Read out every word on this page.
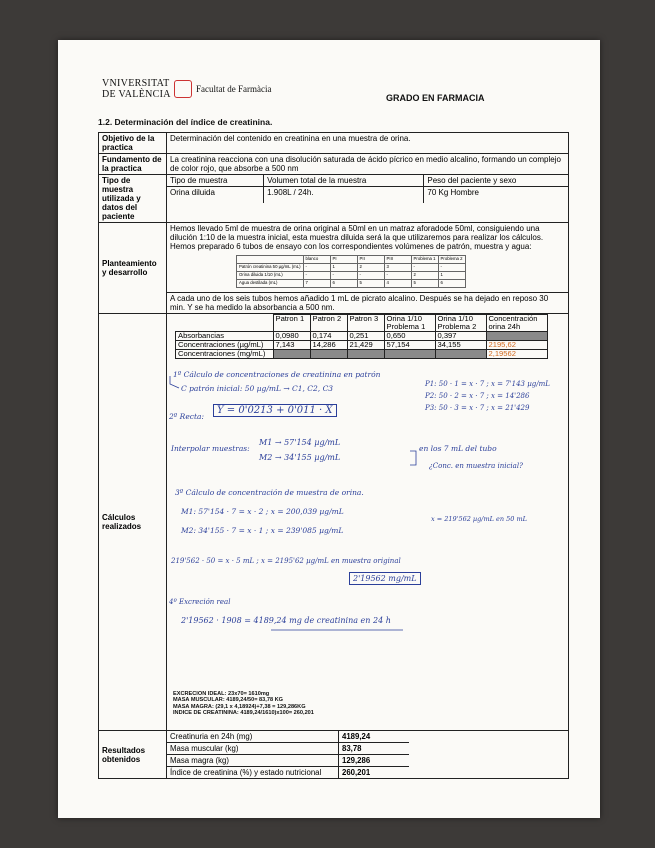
VNIVERSITAT
DE VALÈNCIA	Facultat de Farmàcia
GRADO EN FARMACIA
1.2. Determinación del índice de creatinina.
Objetivo de la practica	Determinación del contenido en creatinina en una muestra de orina.
Fundamento de la practica	La creatinina reacciona con una disolución saturada de ácido pícrico en medio alcalino, formando un complejo de color rojo, que absorbe a 500 nm
Tipo de muestra utilizada y datos del paciente	
Tipo de muestra	Volumen total de la muestra	Peso del paciente y sexo
Orina diluida	1.908L / 24h.	70 Kg Hombre

Planteamiento y desarrollo	
Hemos llevado 5ml de muestra de orina original a 50ml en un matraz aforadode 50ml, consiguiendo una dilución 1:10 de la muestra inicial, esta muestra diluida será la que utilizaremos para realizar los cálculos.
Hemos preparado 6 tubos de ensayo con los correspondientes volúmenes de patrón, muestra y agua:
	blanco	PI	PII	PIII	Problema 1	Problema 2
Patrón creatinina 50 µg/mL (mL)	-	1	2	3	-	-
Orina diluida 1/10 (mL)	-	-	-	-	2	1
Agua destilada (mL)	7	6	5	4	5	6
A cada uno de los seis tubos hemos añadido 1 mL de picrato alcalino. Después se ha dejado en reposo 30 min. Y se ha medido la absorbancia a 500 nm.

Cálculos realizados	
	Patron 1	Patron 2	Patron 3	Orina 1/10 Problema 1	Orina 1/10 Problema 2	Concentración orina 24h
Absorbancias	0,0980	0,174	0,251	0,650	0,397	
Concentraciones (µg/mL)	7,143	14,286	21,429	57,154	34,155	2195,62
Concentraciones (mg/mL)						2,19562
1º Cálculo de concentraciones de creatinina en patrón
C patrón inicial: 50 µg/mL → C1, C2, C3	P1: 50 · 1 = x · 7 ; x = 7'143 µg/mL
P2: 50 · 2 = x · 7 ; x = 14'286
P3: 50 · 3 = x · 7 ; x = 21'429
2º Recta:
Y = 0'0213 + 0'011 · X
Interpolar muestras:
M1 → 57'154 µg/mL
M2 → 34'155 µg/mL
en los 7 mL del tubo
¿Conc. en muestra inicial?
3º Cálculo de concentración de muestra de orina.
M1: 57'154 · 7 = x · 2 ; x = 200,039 µg/mL
M2: 34'155 · 7 = x · 1 ; x = 239'085 µg/mL
x = 219'562 µg/mL en 50 mL
219'562 · 50 = x · 5 mL ; x = 2195'62 µg/mL en muestra original
2'19562 mg/mL
4º Excreción real
2'19562 · 1908 = 4189,24 mg de creatinina en 24 h
EXCRECION IDEAL: 23x70= 1610mg
MASA MUSCULAR: 4189,24/50= 83,78 KG
MASA MAGRA: (29,1 x 4,18924)+7,38 = 129,286KG
INDICE DE CREATININA: 4189,24/1610)x100= 260,201

Resultados obtenidos	
Creatinuria en 24h (mg)	4189,24
Masa muscular (kg)	83,78
Masa magra (kg)	129,286
Índice de creatinina (%) y estado nutricional	260,201
